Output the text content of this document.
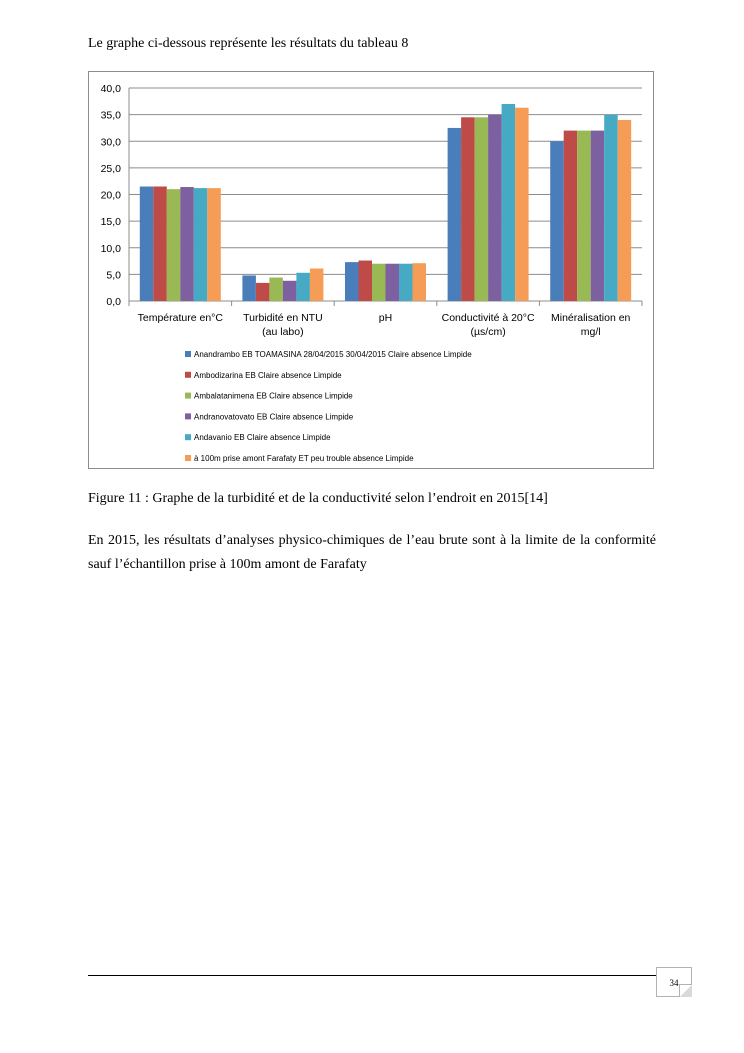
Le graphe ci-dessous représente les résultats du tableau 8

0,0
5,0
10,0
15,0
20,0
25,0
30,0
35,0
40,0
Température en°C Turbidité en NTU
(au labo)
pH	Conductivité à 20°C
(µs/cm)
Minéralisation en
mg/l
Anandrambo EB TOAMASINA 28/04/2015 30/04/2015 Claire absence Limpide
Ambodizarina EB Claire absence Limpide
Ambalatanimena EB Claire absence Limpide
Andranovatovato EB Claire absence Limpide
Andavanio EB Claire absence Limpide
à 100m prise amont Farafaty ET peu trouble absence Limpide

Figure 11 : Graphe de la turbidité et de la conductivité selon l’endroit en 2015[14]

En 2015, les résultats d’analyses physico-chimiques de l’eau brute sont à la limite de la conformité sauf l’échantillon prise à 100m amont de Farafaty

34
